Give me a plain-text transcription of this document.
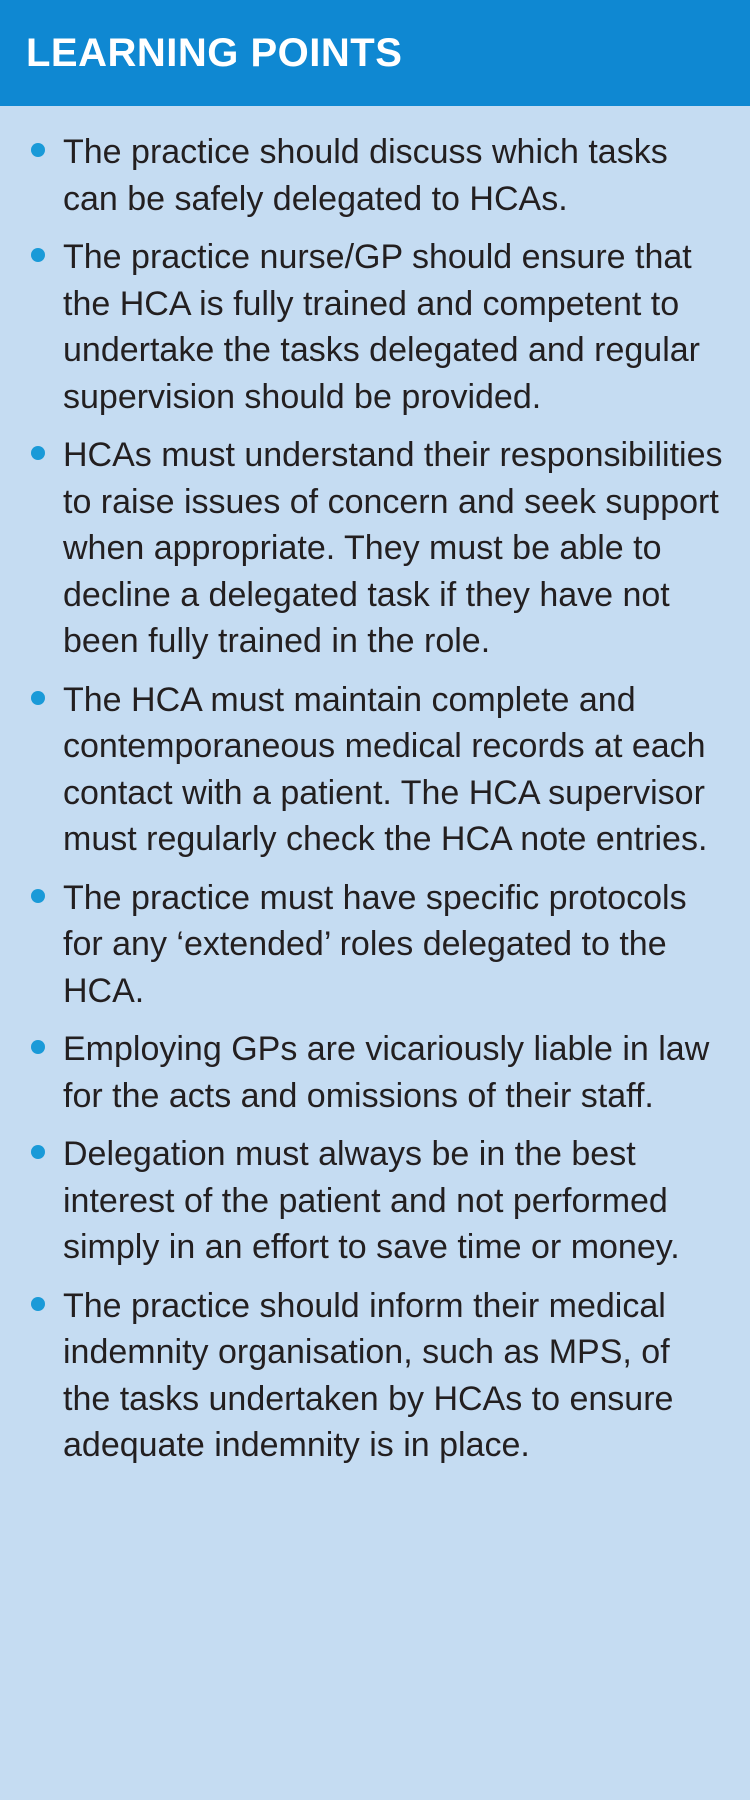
LEARNING POINTS
The practice should discuss which tasks can be safely delegated to HCAs.
The practice nurse/GP should ensure that the HCA is fully trained and competent to undertake the tasks delegated and regular supervision should be provided.
HCAs must understand their responsibilities to raise issues of concern and seek support when appropriate. They must be able to decline a delegated task if they have not been fully trained in the role.
The HCA must maintain complete and contemporaneous medical records at each contact with a patient. The HCA supervisor must regularly check the HCA note entries.
The practice must have specific protocols for any ‘extended’ roles delegated to the HCA.
Employing GPs are vicariously liable in law for the acts and omissions of their staff.
Delegation must always be in the best interest of the patient and not performed simply in an effort to save time or money.
The practice should inform their medical indemnity organisation, such as MPS, of the tasks undertaken by HCAs to ensure adequate indemnity is in place.
